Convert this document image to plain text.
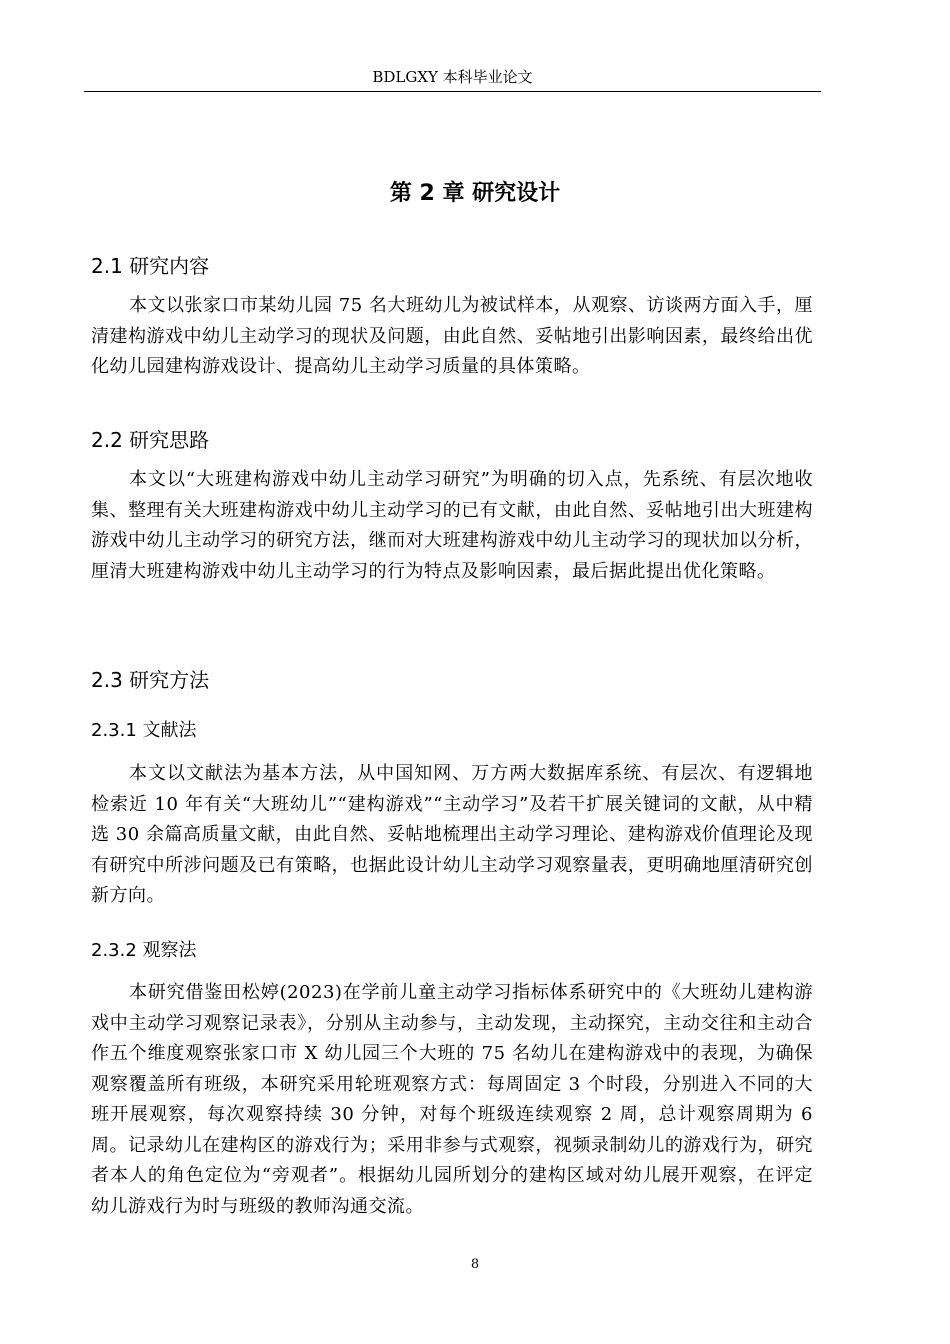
BDLGXY 本科毕业论文
第 2 章 研究设计
2.1 研究内容
本文以张家口市某幼儿园 75 名大班幼儿为被试样本，从观察、访谈两方面入手，厘清建构游戏中幼儿主动学习的现状及问题，由此自然、妥帖地引出影响因素，最终给出优化幼儿园建构游戏设计、提高幼儿主动学习质量的具体策略。
2.2 研究思路
本文以“大班建构游戏中幼儿主动学习研究”为明确的切入点，先系统、有层次地收集、整理有关大班建构游戏中幼儿主动学习的已有文献，由此自然、妥帖地引出大班建构游戏中幼儿主动学习的研究方法，继而对大班建构游戏中幼儿主动学习的现状加以分析，厘清大班建构游戏中幼儿主动学习的行为特点及影响因素，最后据此提出优化策略。
2.3 研究方法
2.3.1 文献法
本文以文献法为基本方法，从中国知网、万方两大数据库系统、有层次、有逻辑地检索近 10 年有关“大班幼儿”“建构游戏”“主动学习”及若干扩展关键词的文献，从中精选 30 余篇高质量文献，由此自然、妥帖地梳理出主动学习理论、建构游戏价值理论及现有研究中所涉问题及已有策略，也据此设计幼儿主动学习观察量表，更明确地厘清研究创新方向。
2.3.2 观察法
本研究借鉴田松婷(2023)在学前儿童主动学习指标体系研究中的《大班幼儿建构游戏中主动学习观察记录表》，分别从主动参与，主动发现，主动探究，主动交往和主动合作五个维度观察张家口市 X 幼儿园三个大班的 75 名幼儿在建构游戏中的表现，为确保观察覆盖所有班级，本研究采用轮班观察方式：每周固定 3 个时段，分别进入不同的大班开展观察，每次观察持续 30 分钟，对每个班级连续观察 2 周，总计观察周期为 6 周。记录幼儿在建构区的游戏行为；采用非参与式观察，视频录制幼儿的游戏行为，研究者本人的角色定位为“旁观者”。根据幼儿园所划分的建构区域对幼儿展开观察，在评定幼儿游戏行为时与班级的教师沟通交流。
8
